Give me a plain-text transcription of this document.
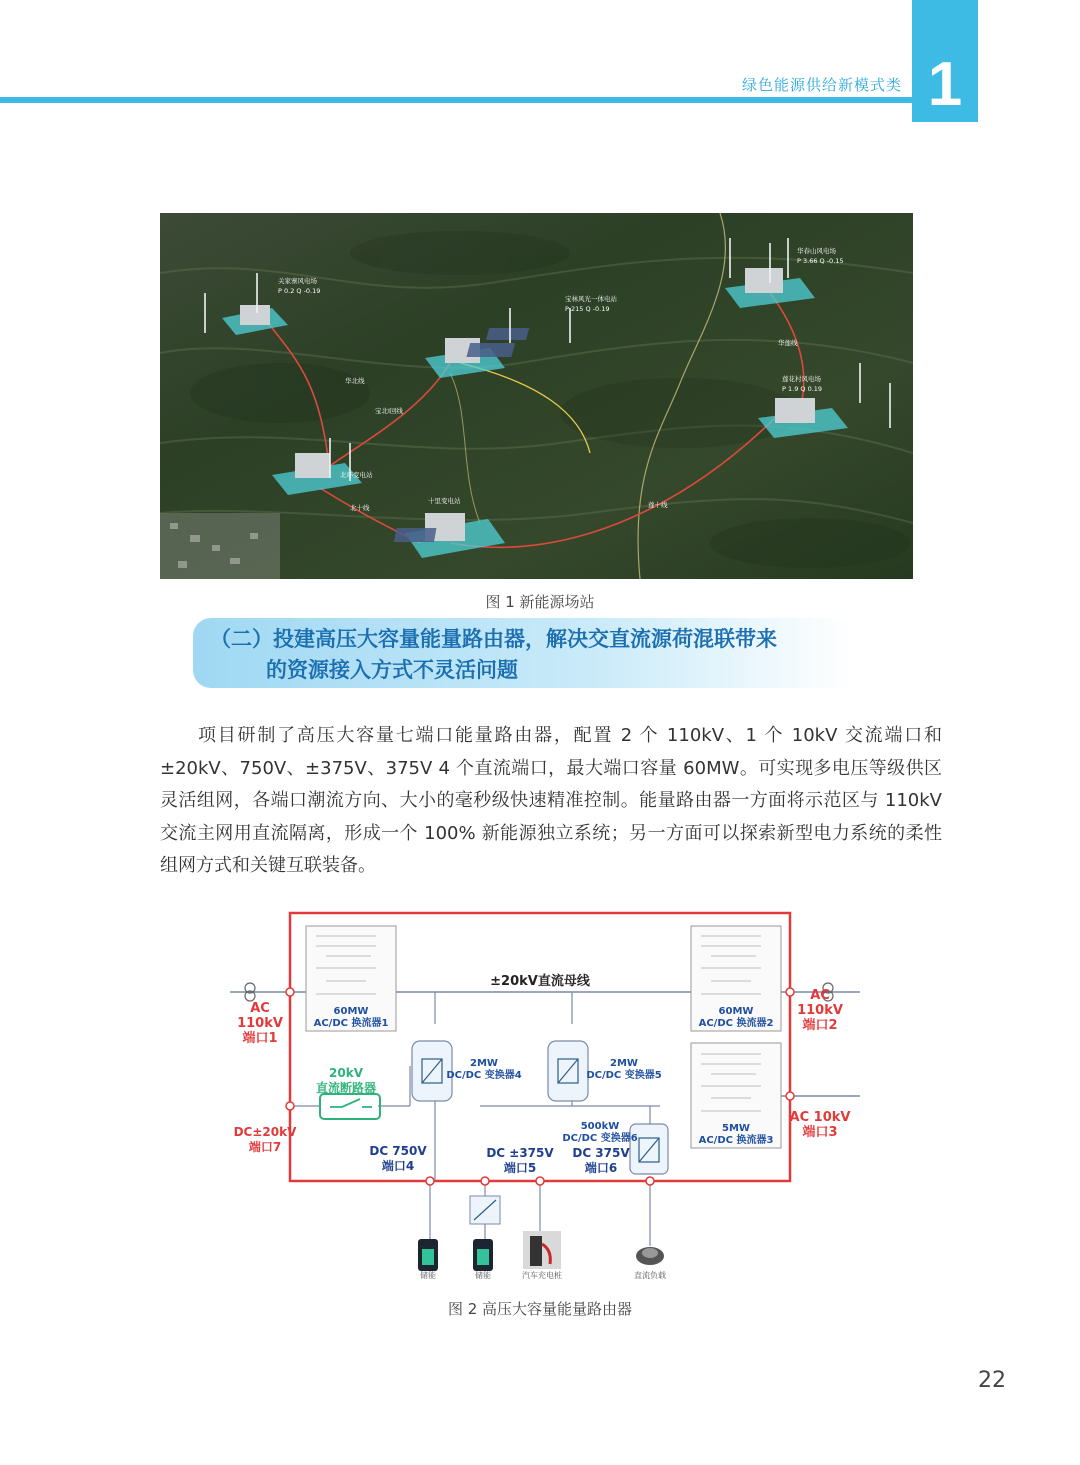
绿色能源供给新模式类 1
关家寨风电场
P 0.2 Q -0.19
宝林风光一体电站
P 215 Q -0.19
华春山风电场
P 3.66 Q -0.15
莲花村风电场
P 1.9 Q 0.19
北环变电站
十里变电站
华北线
宝北Ⅰ回线
北十线
华莲线
莲十线
图 1 新能源场站
（二）投建高压大容量能量路由器，解决交直流源荷混联带来
的资源接入方式不灵活问题
项目研制了高压大容量七端口能量路由器，配置 2 个 110kV、1 个 10kV 交流端口和±20kV、750V、±375V、375V 4 个直流端口，最大端口容量 60MW。可实现多电压等级供区灵活组网，各端口潮流方向、大小的毫秒级快速精准控制。能量路由器一方面将示范区与 110kV 交流主网用直流隔离，形成一个 100% 新能源独立系统；另一方面可以探索新型电力系统的柔性组网方式和关键互联装备。
±20kV直流母线
60MW
AC/DC 换流器1
60MW
AC/DC 换流器2
5MW
AC/DC 换流器3
2MW
DC/DC 变换器4
2MW
DC/DC 变换器5
500kW
DC/DC 变换器6
20kV
直流断路器
AC
110kV
端口1
AC
110kV
端口2
AC 10kV
端口3
DC 750V
端口4
DC ±375V
端口5
DC 375V
端口6
DC±20kV
端口7
储能	储能	汽车充电桩	直流负载
图 2 高压大容量能量路由器
22
